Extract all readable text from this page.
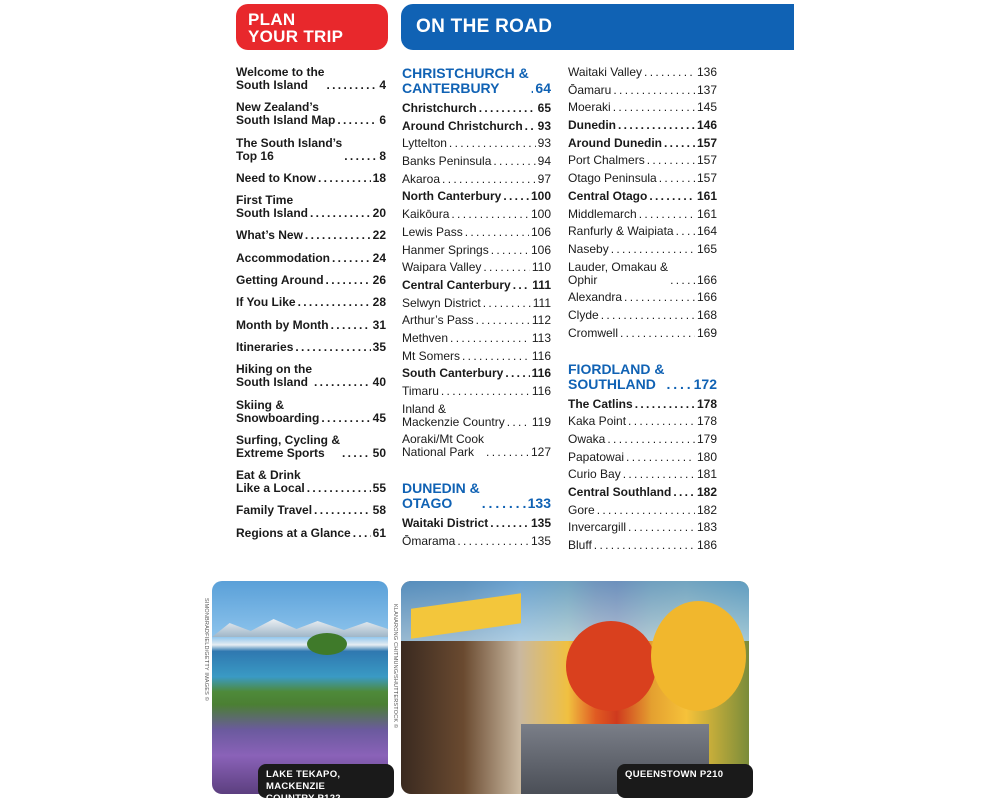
PLAN
YOUR TRIP	ON THE ROAD
Welcome to the
South Island . . .	4
New Zealand’s
South Island Map . . .	6
The South Island’s
Top 16 . . .	8
Need to Know . . .	18
First Time
South Island . . .	20
What’s New . . .	22
Accommodation . . .	24
Getting Around . . .	26
If You Like . . .	28
Month by Month . . .	31
Itineraries . . .	35
Hiking on the
South Island . . .	40
Skiing &
Snowboarding . . .	45
Surfing, Cycling &
Extreme Sports . . .	50
Eat & Drink
Like a Local . . .	55
Family Travel . . .	58
Regions at a Glance . . . 61
CHRISTCHURCH &
CANTERBURY . . .	64
Christchurch . . .	65
Around Christchurch . . . 93
Lyttelton . . .	93
Banks Peninsula . . .	94
Akaroa . . .	97
North Canterbury . . . 100
Kaikōura . . .	100
Lewis Pass . . .	106
Hanmer Springs . . .	106
Waipara Valley . . .	110
Central Canterbury . . . 111
Selwyn District . . .	111
Arthur’s Pass . . .	112
Methven . . .	113
Mt Somers . . .	116
South Canterbury . . . 116
Timaru . . .	116
Inland &
Mackenzie Country . . . 119
Aoraki/Mt Cook
National Park . . .	127
DUNEDIN &
OTAGO . . .	133
Waitaki District . . .	135
Ōmarama . . .	135
Waitaki Valley . . .	136
Ōamaru . . .	137
Moeraki . . .	145
Dunedin . . .	146
Around Dunedin . . .	157
Port Chalmers . . .	157
Otago Peninsula . . .	157
Central Otago . . .	161
Middlemarch . . .	161
Ranfurly & Waipiata . . . 164
Naseby . . .	165
Lauder, Omakau &
Ophir . . .	166
Alexandra . . .	166
Clyde . . .	168
Cromwell . . .	169
FIORDLAND &
SOUTHLAND . . .	172
The Catlins . . .	178
Kaka Point . . .	178
Owaka . . .	179
Papatowai . . .	180
Curio Bay . . .	181
Central Southland . . . 182
Gore . . .	182
Invercargill . . .	183
Bluff . . .	186
LAKE TEKAPO, MACKENZIE
COUNTRY P122
QUEENSTOWN P210
SIMONBRADFIELD/GETTY IMAGES ©	KLANARONG CHITMUNG/SHUTTERSTOCK ©
